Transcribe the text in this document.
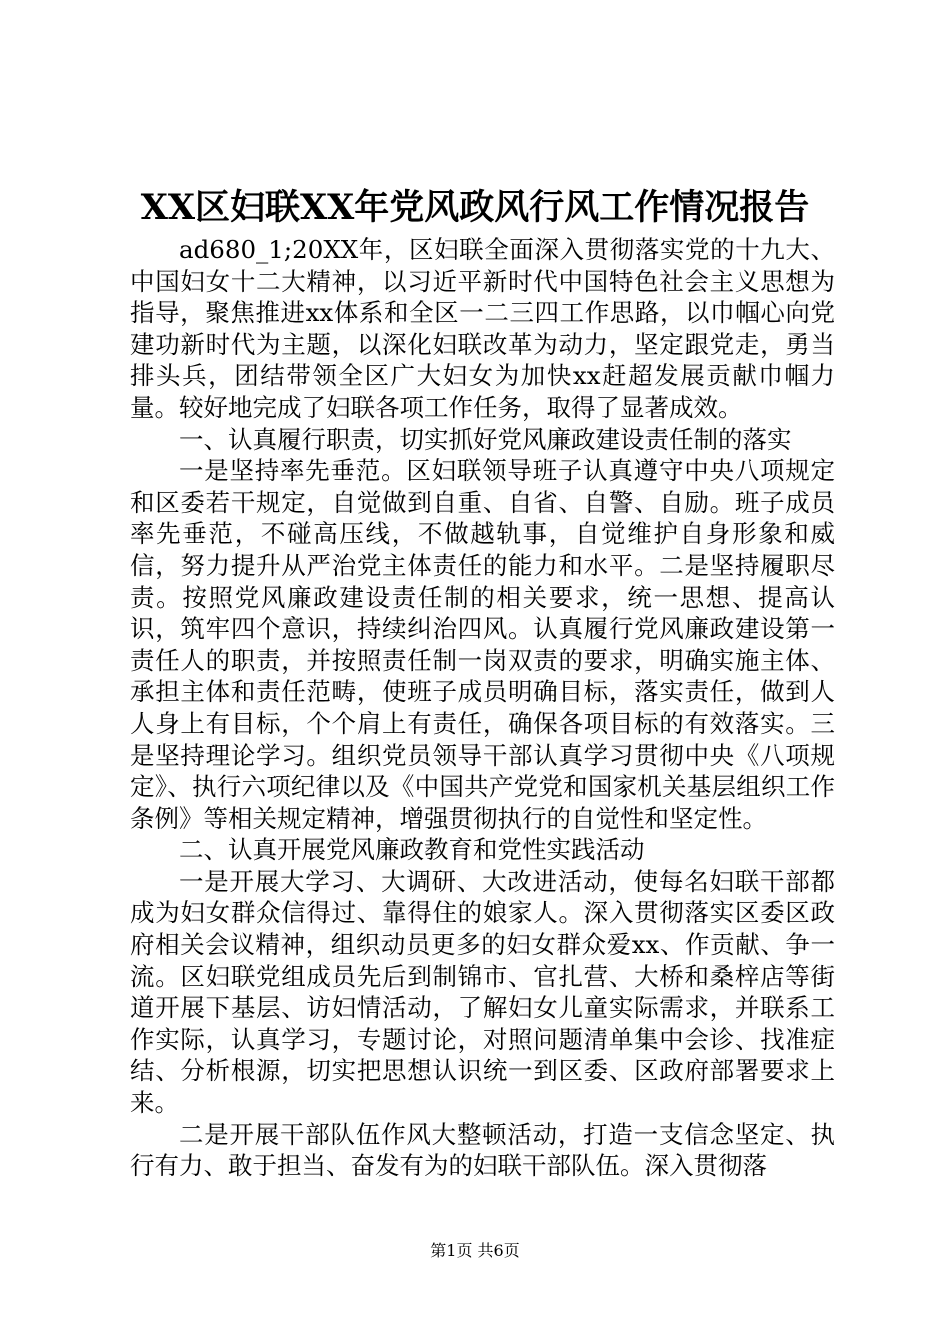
XX区妇联XX年党风政风行风工作情况报告

ad680_1;20XX年，区妇联全面深入贯彻落实党的十九大、中国妇女十二大精神，以习近平新时代中国特色社会主义思想为指导，聚焦推进xx体系和全区一二三四工作思路，以巾帼心向党建功新时代为主题，以深化妇联改革为动力，坚定跟党走，勇当排头兵，团结带领全区广大妇女为加快xx赶超发展贡献巾帼力量。较好地完成了妇联各项工作任务，取得了显著成效。

一、认真履行职责，切实抓好党风廉政建设责任制的落实

一是坚持率先垂范。区妇联领导班子认真遵守中央八项规定和区委若干规定，自觉做到自重、自省、自警、自励。班子成员率先垂范，不碰高压线，不做越轨事，自觉维护自身形象和威信，努力提升从严治党主体责任的能力和水平。二是坚持履职尽责。按照党风廉政建设责任制的相关要求，统一思想、提高认识，筑牢四个意识，持续纠治四风。认真履行党风廉政建设第一责任人的职责，并按照责任制一岗双责的要求，明确实施主体、承担主体和责任范畴，使班子成员明确目标，落实责任，做到人人身上有目标，个个肩上有责任，确保各项目标的有效落实。三是坚持理论学习。组织党员领导干部认真学习贯彻中央《八项规定》、执行六项纪律以及《中国共产党党和国家机关基层组织工作条例》等相关规定精神，增强贯彻执行的自觉性和坚定性。

二、认真开展党风廉政教育和党性实践活动

一是开展大学习、大调研、大改进活动，使每名妇联干部都成为妇女群众信得过、靠得住的娘家人。深入贯彻落实区委区政府相关会议精神，组织动员更多的妇女群众爱xx、作贡献、争一流。区妇联党组成员先后到制锦市、官扎营、大桥和桑梓店等街道开展下基层、访妇情活动，了解妇女儿童实际需求，并联系工作实际，认真学习，专题讨论，对照问题清单集中会诊、找准症结、分析根源，切实把思想认识统一到区委、区政府部署要求上来。

二是开展干部队伍作风大整顿活动，打造一支信念坚定、执行有力、敢于担当、奋发有为的妇联干部队伍。深入贯彻落

第1页 共6页
